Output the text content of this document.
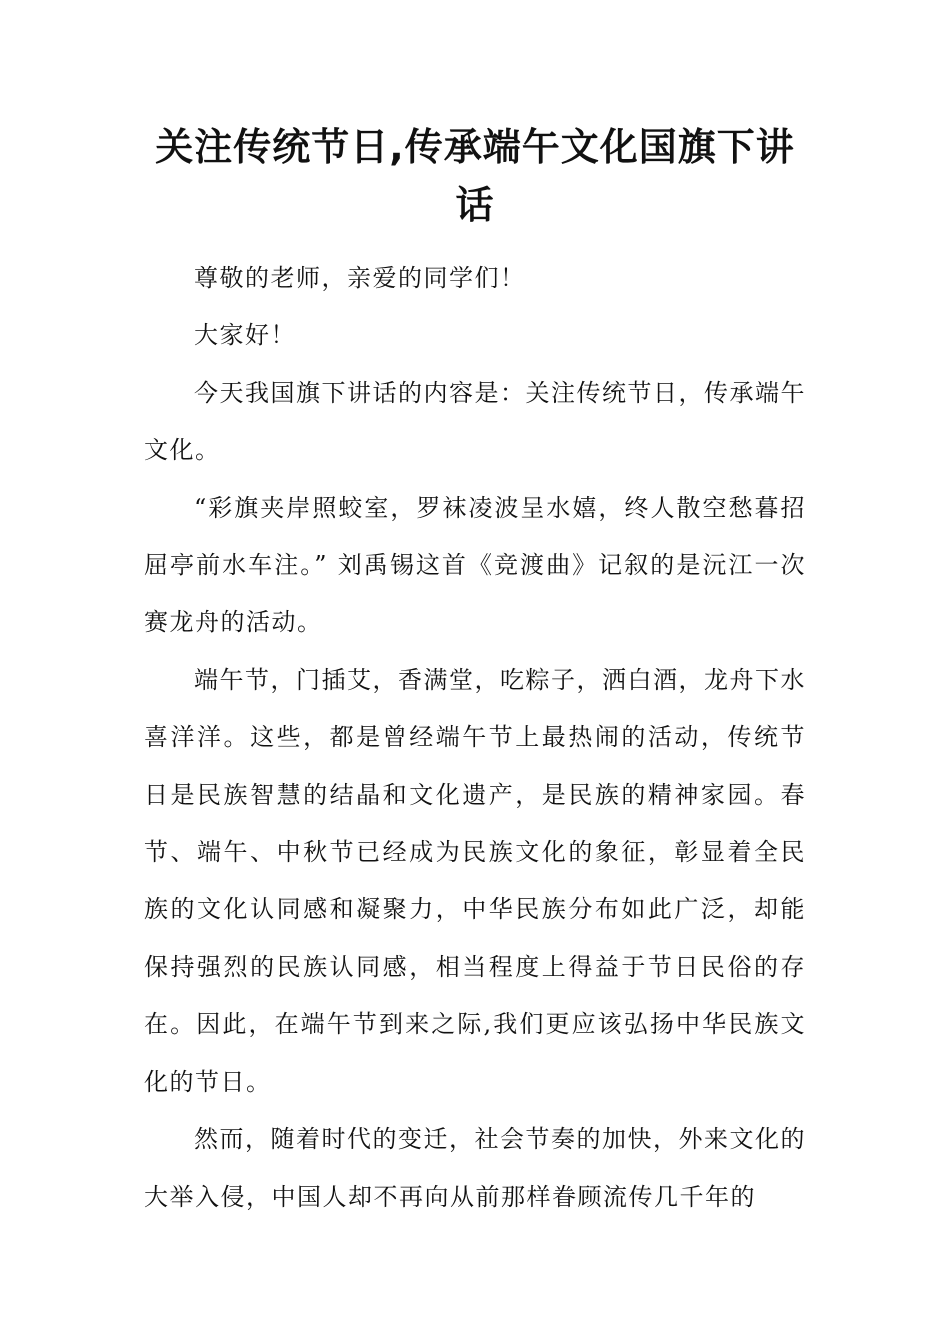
关注传统节日,传承端午文化国旗下讲话

尊敬的老师，亲爱的同学们！

大家好！

今天我国旗下讲话的内容是：关注传统节日，传承端午文化。

“彩旗夹岸照蛟室，罗袜凌波呈水嬉，终人散空愁暮招屈亭前水车注。” 刘禹锡这首《竞渡曲》记叙的是沅江一次赛龙舟的活动。

端午节，门插艾，香满堂，吃粽子，洒白酒，龙舟下水喜洋洋。这些，都是曾经端午节上最热闹的活动，传统节日是民族智慧的结晶和文化遗产，是民族的精神家园。春节、端午、中秋节已经成为民族文化的象征，彰显着全民族的文化认同感和凝聚力，中华民族分布如此广泛，却能保持强烈的民族认同感，相当程度上得益于节日民俗的存在。因此，在端午节到来之际,我们更应该弘扬中华民族文化的节日。

然而，随着时代的变迁，社会节奏的加快，外来文化的大举入侵，中国人却不再向从前那样眷顾流传几千年的
